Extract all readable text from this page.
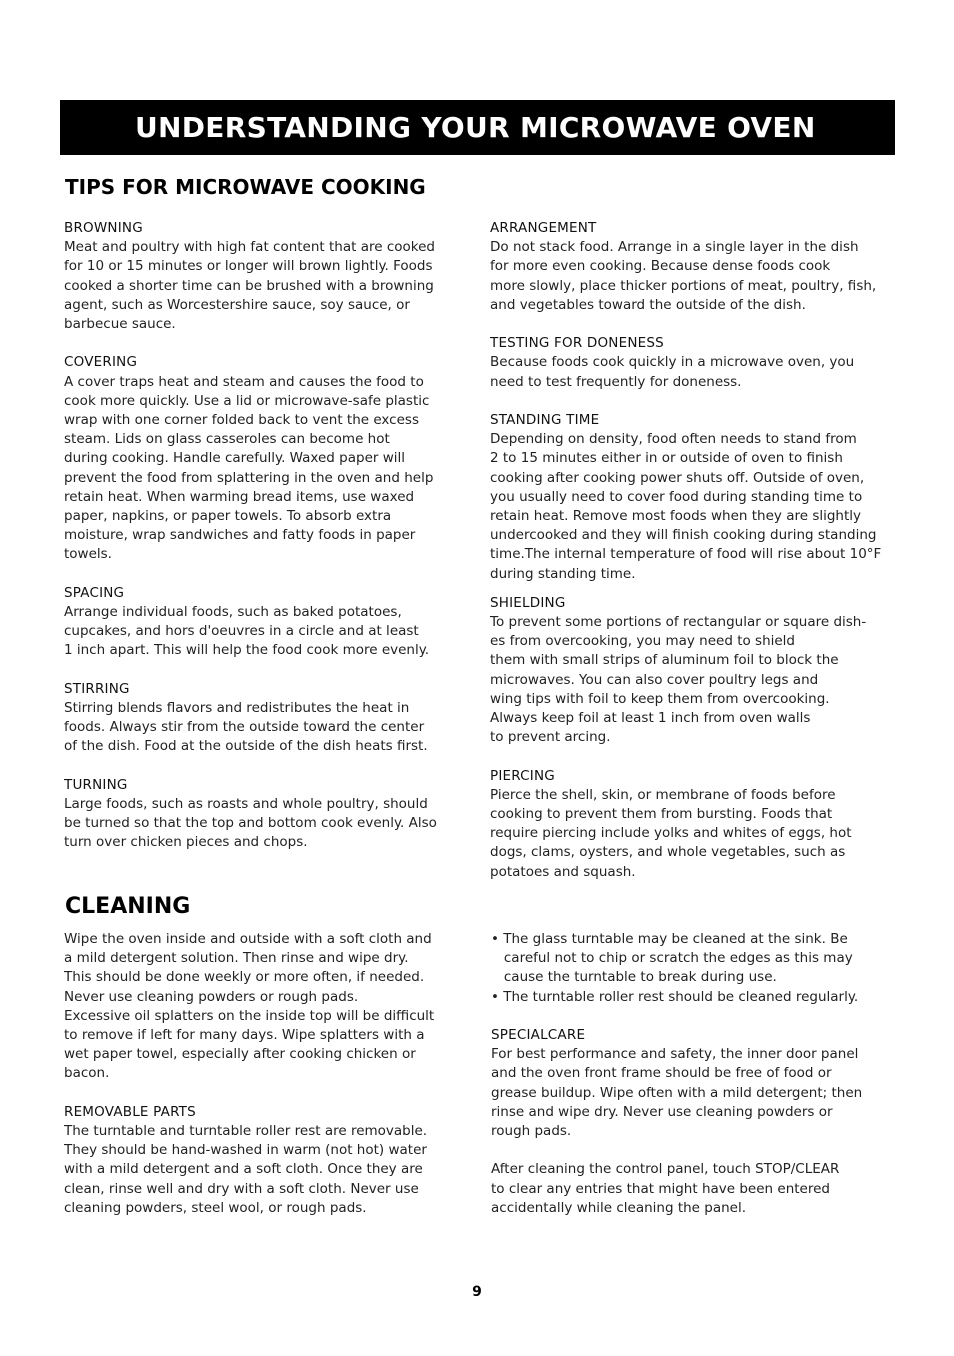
UNDERSTANDING YOUR MICROWAVE OVEN
TIPS FOR MICROWAVE COOKING
BROWNING
Meat and poultry with high fat content that are cooked
for 10 or 15 minutes or longer will brown lightly. Foods
cooked a shorter time can be brushed with a browning
agent, such as Worcestershire sauce, soy sauce, or
barbecue sauce.
COVERING
A cover traps heat and steam and causes the food to
cook more quickly. Use a lid or microwave-safe plastic
wrap with one corner folded back to vent the excess
steam. Lids on glass casseroles can become hot
during cooking. Handle carefully. Waxed paper will
prevent the food from splattering in the oven and help
retain heat. When warming bread items, use waxed
paper, napkins, or paper towels. To absorb extra
moisture, wrap sandwiches and fatty foods in paper
towels.
SPACING
Arrange individual foods, such as baked potatoes,
cupcakes, and hors d'oeuvres in a circle and at least
1 inch apart. This will help the food cook more evenly.
STIRRING
Stirring blends flavors and redistributes the heat in
foods. Always stir from the outside toward the center
of the dish. Food at the outside of the dish heats first.
TURNING
Large foods, such as roasts and whole poultry, should
be turned so that the top and bottom cook evenly. Also
turn over chicken pieces and chops.
ARRANGEMENT
Do not stack food. Arrange in a single layer in the dish
for more even cooking. Because dense foods cook
more slowly, place thicker portions of meat, poultry, fish,
and vegetables toward the outside of the dish.
TESTING FOR DONENESS
Because foods cook quickly in a microwave oven, you
need to test frequently for doneness.
STANDING TIME
Depending on density, food often needs to stand from
2 to 15 minutes either in or outside of oven to finish
cooking after cooking power shuts off. Outside of oven,
you usually need to cover food during standing time to
retain heat. Remove most foods when they are slightly
undercooked and they will finish cooking during standing
time.The internal temperature of food will rise about 10°F
during standing time.
SHIELDING
To prevent some portions of rectangular or square dish-
es from overcooking, you may need to shield
them with small strips of aluminum foil to block the
microwaves. You can also cover poultry legs and
wing tips with foil to keep them from overcooking.
Always keep foil at least 1 inch from oven walls
to prevent arcing.
PIERCING
Pierce the shell, skin, or membrane of foods before
cooking to prevent them from bursting. Foods that
require piercing include yolks and whites of eggs, hot
dogs, clams, oysters, and whole vegetables, such as
potatoes and squash.
CLEANING
Wipe the oven inside and outside with a soft cloth and
a mild detergent solution. Then rinse and wipe dry.
This should be done weekly or more often, if needed.
Never use cleaning powders or rough pads.
Excessive oil splatters on the inside top will be difficult
to remove if left for many days. Wipe splatters with a
wet paper towel, especially after cooking chicken or
bacon.
REMOVABLE PARTS
The turntable and turntable roller rest are removable.
They should be hand-washed in warm (not hot) water
with a mild detergent and a soft cloth. Once they are
clean, rinse well and dry with a soft cloth. Never use
cleaning powders, steel wool, or rough pads.
• The glass turntable may be cleaned at the sink. Be
careful not to chip or scratch the edges as this may
cause the turntable to break during use.
• The turntable roller rest should be cleaned regularly.
SPECIALCARE
For best performance and safety, the inner door panel
and the oven front frame should be free of food or
grease buildup. Wipe often with a mild detergent; then
rinse and wipe dry. Never use cleaning powders or
rough pads.
After cleaning the control panel, touch STOP/CLEAR
to clear any entries that might have been entered
accidentally while cleaning the panel.
9
